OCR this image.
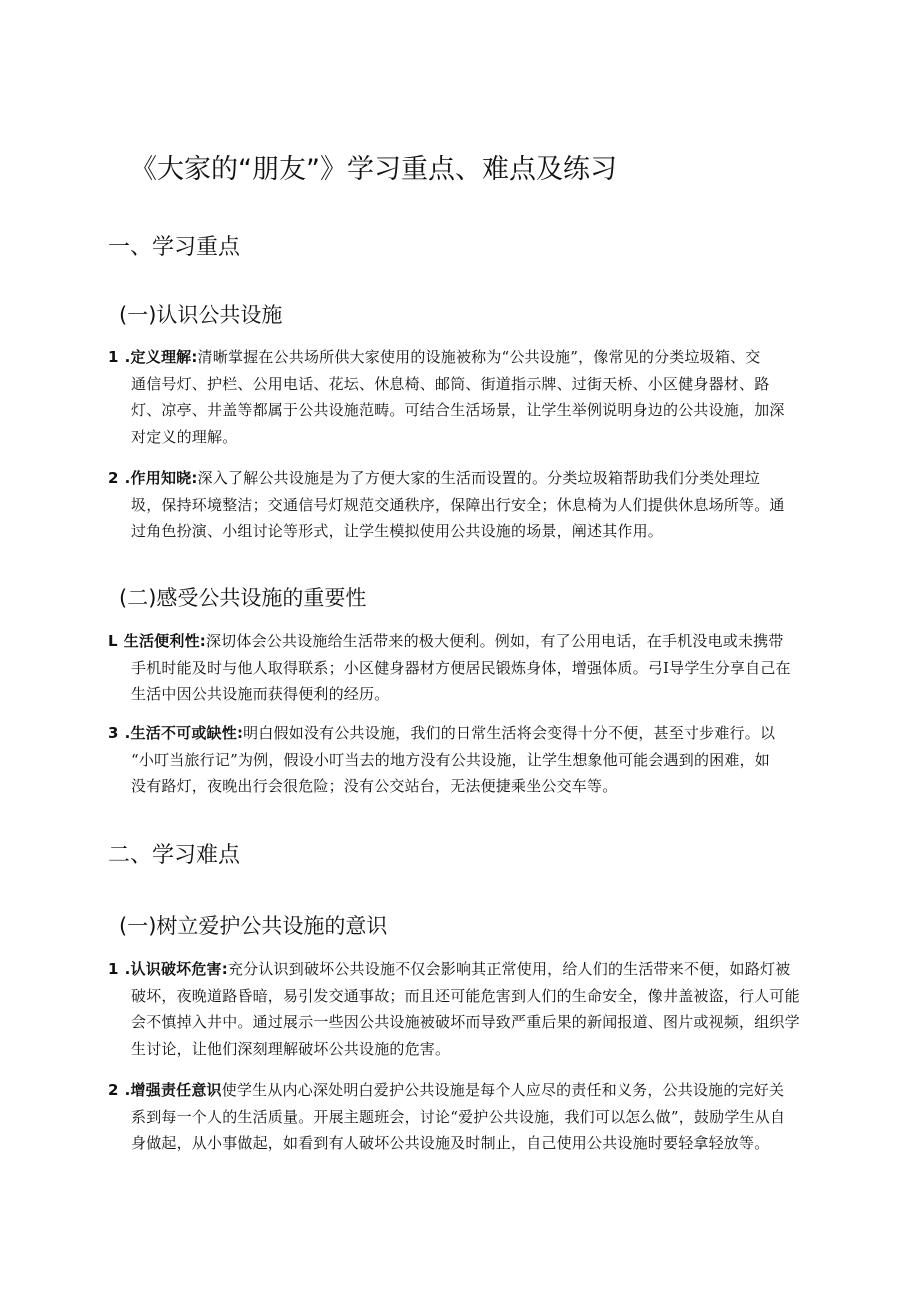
《大家的“朋友”》学习重点、难点及练习
一、学习重点
(一)认识公共设施

1 .定义理解:清晰掌握在公共场所供大家使用的设施被称为“公共设施”，像常见的分类垃圾箱、交
通信号灯、护栏、公用电话、花坛、休息椅、邮筒、街道指示牌、过街天桥、小区健身器材、路
灯、凉亭、井盖等都属于公共设施范畴。可结合生活场景，让学生举例说明身边的公共设施，加深
对定义的理解。

2 .作用知晓:深入了解公共设施是为了方便大家的生活而设置的。分类垃圾箱帮助我们分类处理垃
圾，保持环境整洁；交通信号灯规范交通秩序，保障出行安全；休息椅为人们提供休息场所等。通
过角色扮演、小组讨论等形式，让学生模拟使用公共设施的场景，阐述其作用。

(二)感受公共设施的重要性

L 生活便利性:深切体会公共设施给生活带来的极大便利。例如，有了公用电话，在手机没电或未携带
手机时能及时与他人取得联系；小区健身器材方便居民锻炼身体，增强体质。弓I导学生分享自己在
生活中因公共设施而获得便利的经历。

3 .生活不可或缺性:明白假如没有公共设施，我们的日常生活将会变得十分不便，甚至寸步难行。以
“小叮当旅行记”为例，假设小叮当去的地方没有公共设施，让学生想象他可能会遇到的困难，如
没有路灯，夜晚出行会很危险；没有公交站台，无法便捷乘坐公交车等。

二、学习难点
(一)树立爱护公共设施的意识

1 .认识破坏危害:充分认识到破坏公共设施不仅会影响其正常使用，给人们的生活带来不便，如路灯被
破坏，夜晚道路昏暗，易引发交通事故；而且还可能危害到人们的生命安全，像井盖被盗，行人可能
会不慎掉入井中。通过展示一些因公共设施被破坏而导致严重后果的新闻报道、图片或视频，组织学
生讨论，让他们深刻理解破坏公共设施的危害。

2 .增强责任意识使学生从内心深处明白爱护公共设施是每个人应尽的责任和义务，公共设施的完好关
系到每一个人的生活质量。开展主题班会，讨论“爱护公共设施，我们可以怎么做”，鼓励学生从自
身做起，从小事做起，如看到有人破坏公共设施及时制止，自己使用公共设施时要轻拿轻放等。
